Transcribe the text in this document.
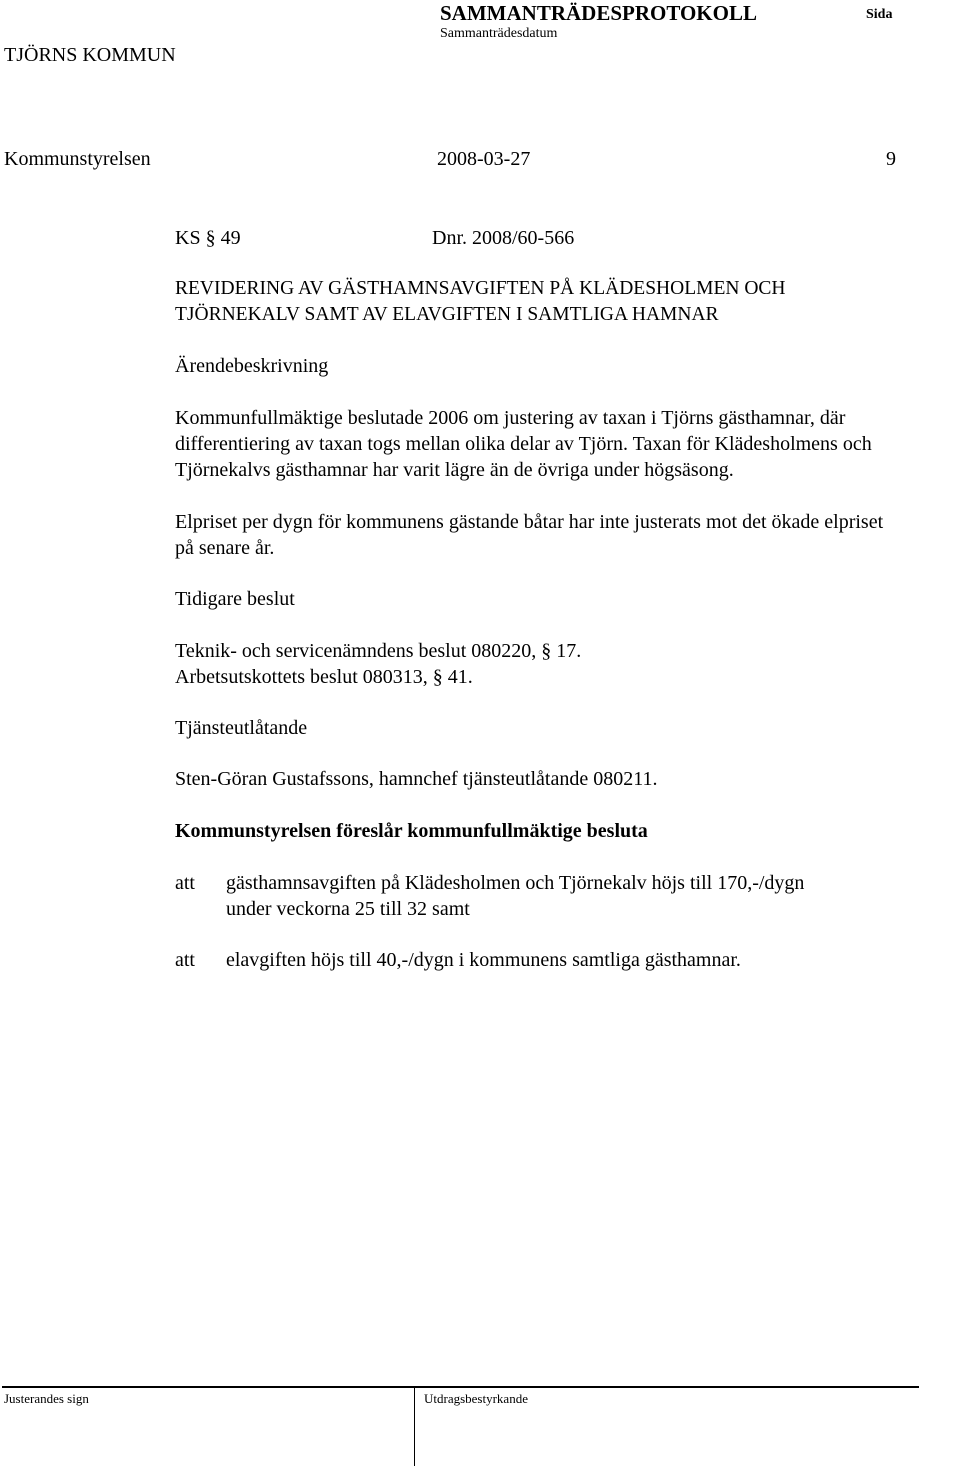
SAMMANTRÄDESPROTOKOLL	Sida
Sammanträdesdatum
TJÖRNS KOMMUN
Kommunstyrelsen	2008-03-27	9
KS § 49	Dnr. 2008/60-566
REVIDERING AV GÄSTHAMNSAVGIFTEN PÅ KLÄDESHOLMEN OCH
TJÖRNEKALV SAMT AV ELAVGIFTEN I SAMTLIGA HAMNAR
Ärendebeskrivning
Kommunfullmäktige beslutade 2006 om justering av taxan i Tjörns gästhamnar, där
differentiering av taxan togs mellan olika delar av Tjörn. Taxan för Klädesholmens och
Tjörnekalvs gästhamnar har varit lägre än de övriga under högsäsong.
Elpriset per dygn för kommunens gästande båtar har inte justerats mot det ökade elpriset
på senare år.
Tidigare beslut
Teknik- och servicenämndens beslut 080220, § 17.
Arbetsutskottets beslut 080313, § 41.
Tjänsteutlåtande
Sten-Göran Gustafssons, hamnchef tjänsteutlåtande 080211.
Kommunstyrelsen föreslår kommunfullmäktige besluta
att gästhamnsavgiften på Klädesholmen och Tjörnekalv höjs till 170,-/dygn
under veckorna 25 till 32 samt
att elavgiften höjs till 40,-/dygn i kommunens samtliga gästhamnar.
Justerandes sign	Utdragsbestyrkande
